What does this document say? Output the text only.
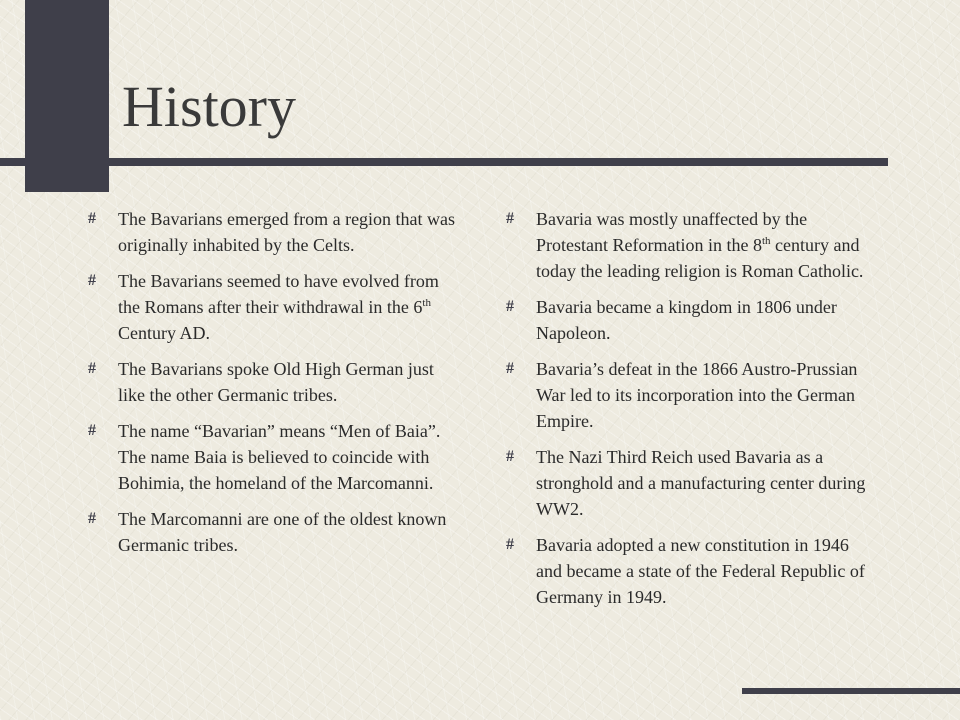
History
#	The Bavarians emerged from a region that was originally inhabited by the Celts.
#	The Bavarians seemed to have evolved from the Romans after their withdrawal in the 6th Century AD.
#	The Bavarians spoke Old High German just like the other Germanic tribes.
#	The name “Bavarian” means “Men of Baia”. The name Baia is believed to coincide with Bohimia, the homeland of the Marcomanni.
#	The Marcomanni are one of the oldest known Germanic tribes.
#	Bavaria was mostly unaffected by the Protestant Reformation in the 8th century and today the leading religion is Roman Catholic.
#	Bavaria became a kingdom in 1806 under Napoleon.
#	Bavaria’s defeat in the 1866 Austro-Prussian War led to its incorporation into the German Empire.
#	The Nazi Third Reich used Bavaria as a stronghold and a manufacturing center during WW2.
#	Bavaria adopted a new constitution in 1946 and became a state of the Federal Republic of Germany in 1949.
